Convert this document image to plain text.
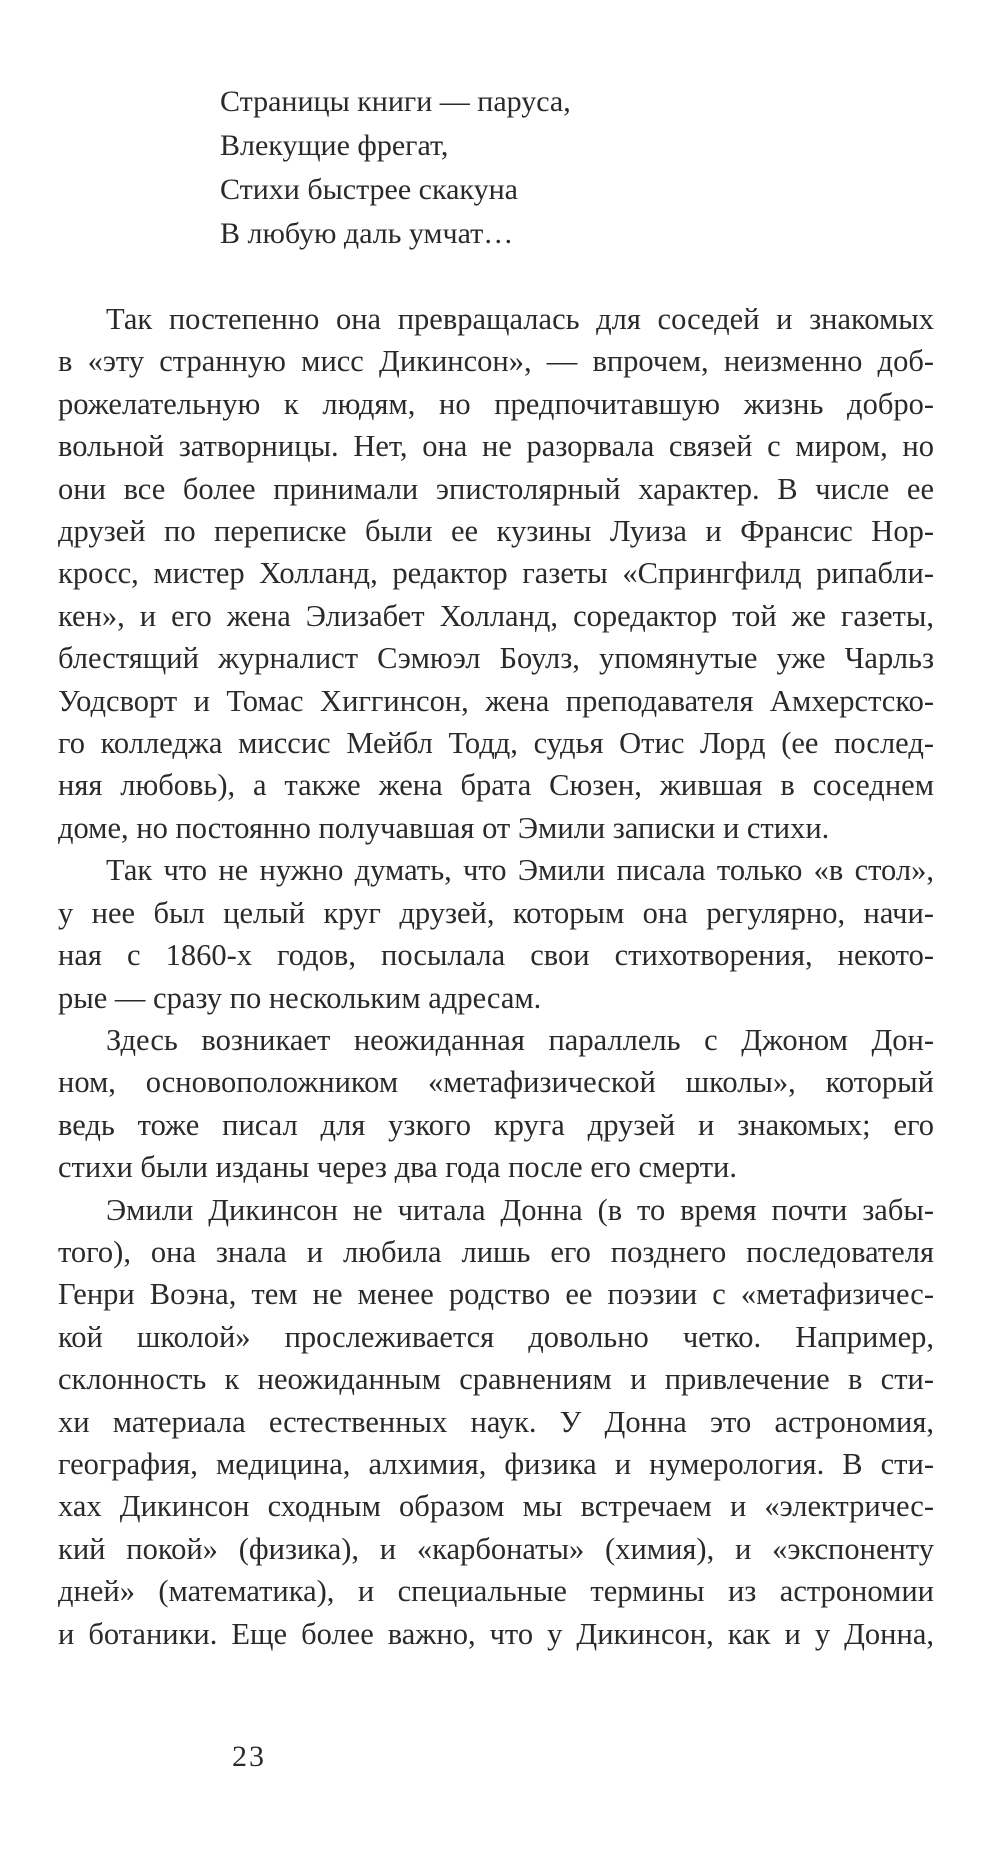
Страницы книги — паруса,
Влекущие фрегат,
Стихи быстрее скакуна
В любую даль умчат…
Так постепенно она превращалась для соседей и знакомых
в «эту странную мисс Дикинсон», — впрочем, неизменно доб-
рожелательную к людям, но предпочитавшую жизнь добро-
вольной затворницы. Нет, она не разорвала связей с миром, но
они все более принимали эпистолярный характер. В числе ее
друзей по переписке были ее кузины Луиза и Франсис Нор-
кросс, мистер Холланд, редактор газеты «Спрингфилд рипабли-
кен», и его жена Элизабет Холланд, соредактор той же газеты,
блестящий журналист Сэмюэл Боулз, упомянутые уже Чарльз
Уодсворт и Томас Хиггинсон, жена преподавателя Амхерстско-
го колледжа миссис Мейбл Тодд, судья Отис Лорд (ее послед-
няя любовь), а также жена брата Сюзен, жившая в соседнем
доме, но постоянно получавшая от Эмили записки и стихи.
Так что не нужно думать, что Эмили писала только «в стол»,
у нее был целый круг друзей, которым она регулярно, начи-
ная с 1860-х годов, посылала свои стихотворения, некото-
рые — сразу по нескольким адресам.
Здесь возникает неожиданная параллель с Джоном Дон-
ном, основоположником «метафизической школы», который
ведь тоже писал для узкого круга друзей и знакомых; его
стихи были изданы через два года после его смерти.
Эмили Дикинсон не читала Донна (в то время почти забы-
того), она знала и любила лишь его позднего последователя
Генри Воэна, тем не менее родство ее поэзии с «метафизичес-
кой школой» прослеживается довольно четко. Например,
склонность к неожиданным сравнениям и привлечение в сти-
хи материала естественных наук. У Донна это астрономия,
география, медицина, алхимия, физика и нумерология. В сти-
хах Дикинсон сходным образом мы встречаем и «электричес-
кий покой» (физика), и «карбонаты» (химия), и «экспоненту
дней» (математика), и специальные термины из астрономии
и ботаники. Еще более важно, что у Дикинсон, как и у Донна,
23
